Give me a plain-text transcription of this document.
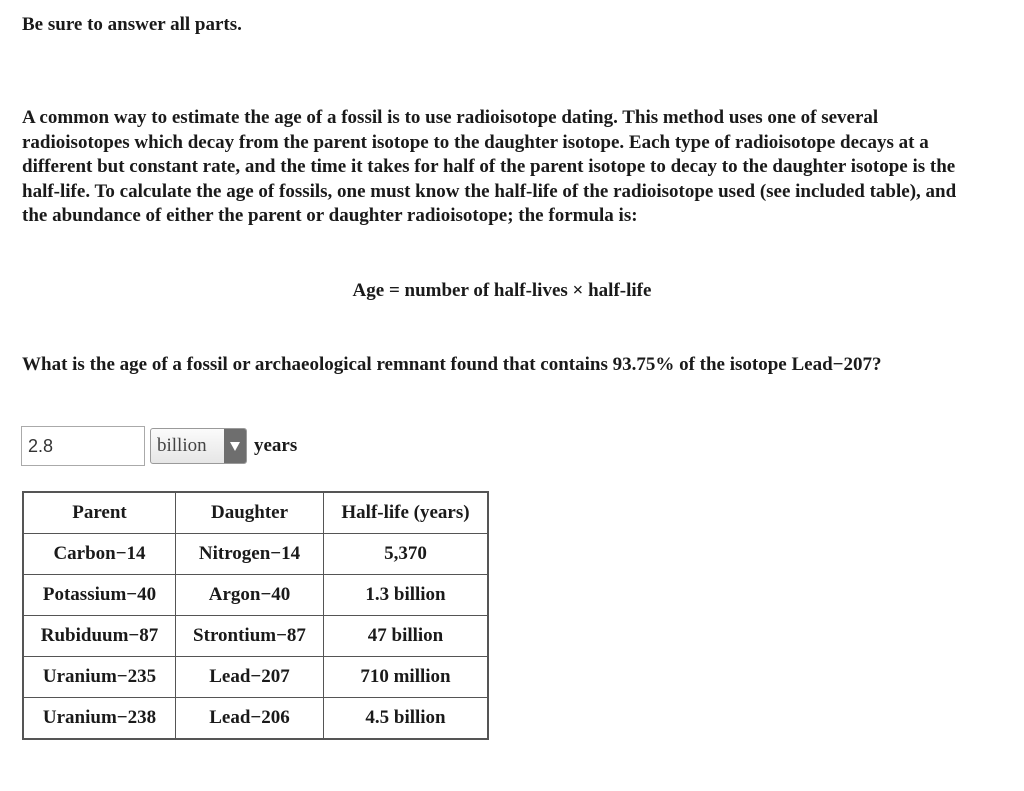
Be sure to answer all parts.

A common way to estimate the age of a fossil is to use radioisotope dating. This method uses one of several radioisotopes which decay from the parent isotope to the daughter isotope. Each type of radioisotope decays at a different but constant rate, and the time it takes for half of the parent isotope to decay to the daughter isotope is the half-life. To calculate the age of fossils, one must know the half-life of the radioisotope used (see included table), and the abundance of either the parent or daughter radioisotope; the formula is:

Age = number of half-lives × half-life

What is the age of a fossil or archaeological remnant found that contains 93.75% of the isotope Lead−207?

2.8
billion	years
Parent	Daughter	Half-life (years)
Carbon−14	Nitrogen−14	5,370
Potassium−40	Argon−40	1.3 billion
Rubiduum−87	Strontium−87	47 billion
Uranium−235	Lead−207	710 million
Uranium−238	Lead−206	4.5 billion
